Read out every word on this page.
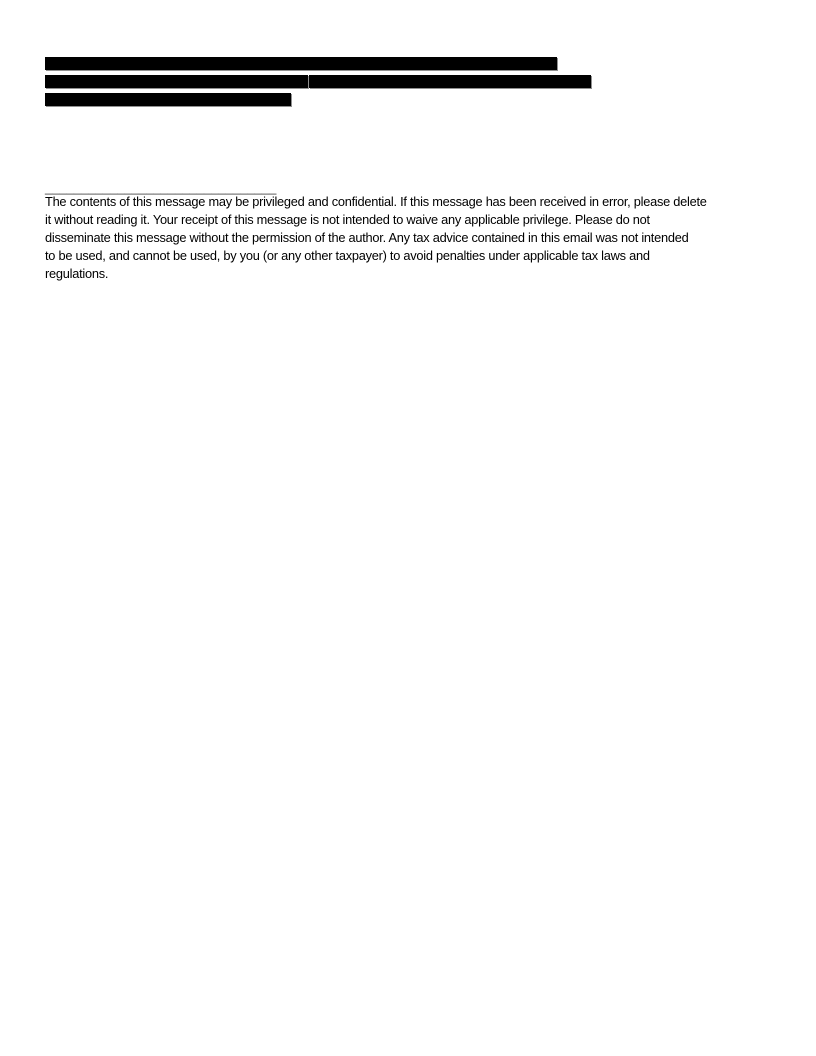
________________________________
The contents of this message may be privileged and confidential. If this message has been received in error, please delete
it without reading it. Your receipt of this message is not intended to waive any applicable privilege. Please do not
disseminate this message without the permission of the author. Any tax advice contained in this email was not intended
to be used, and cannot be used, by you (or any other taxpayer) to avoid penalties under applicable tax laws and
regulations.
